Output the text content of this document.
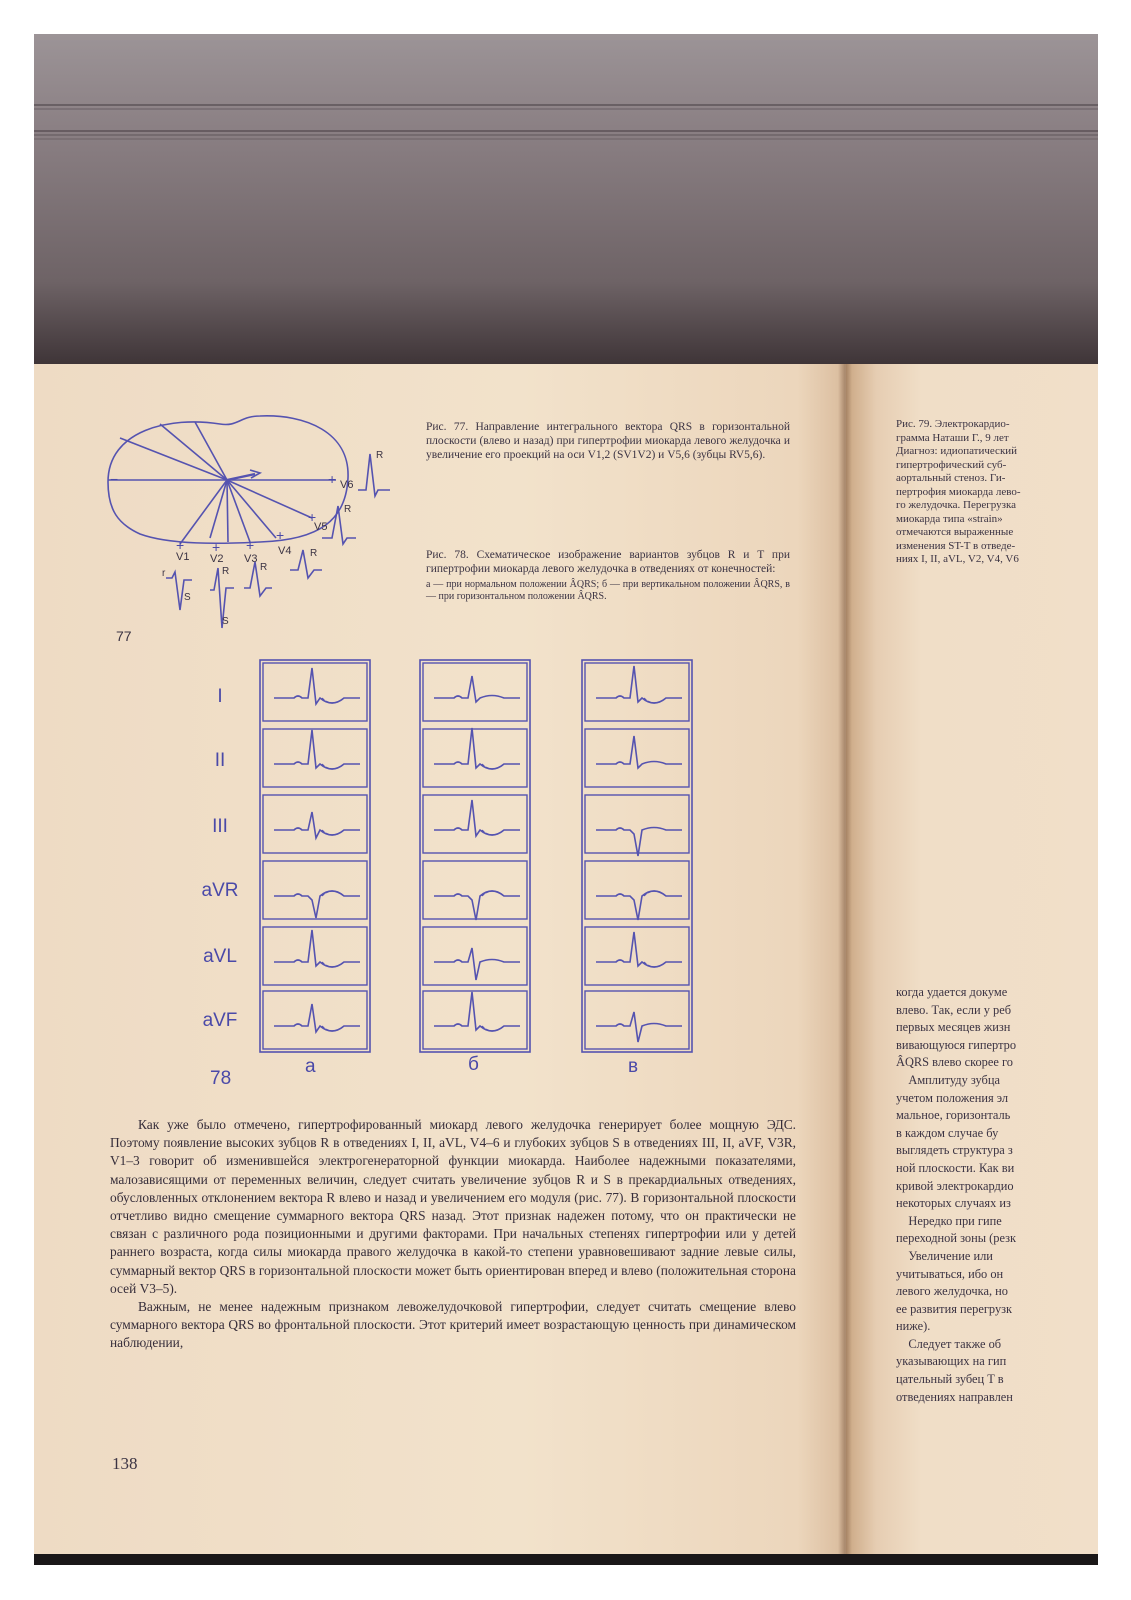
−	+
+ + +
+
+
V6
V5
V4
V3
V2
V1
R
R
R
R
R
S
r
S
77

Рис. 77. Направление интегрального вектора QRS в горизонтальной плоскости (влево и назад) при гипертрофии миокарда левого желудочка и увеличение его проекций на оси V1,2 (SV1V2) и V5,6 (зубцы RV5,6).

Рис. 78. Схематическое изображение вариантов зубцов R и T при гипертрофии миокарда левого желудочка в отведениях от конечностей:

а — при нормальном положении ÂQRS; б — при вертикальном положении ÂQRS, в — при горизонтальном положении ÂQRS.

I
II
III
aVR
aVL
aVF
а	б	в
78

Как уже было отмечено, гипертрофированный миокард левого желудочка генерирует более мощную ЭДС. Поэтому появление высоких зубцов R в отведениях I, II, aVL, V4–6 и глубоких зубцов S в отведениях III, II, aVF, V3R, V1–3 говорит об изменившейся электрогенераторной функции миокарда. Наиболее надежными показателями, малозависящими от переменных величин, следует считать увеличение зубцов R и S в прекардиальных отведениях, обусловленных отклонением вектора R влево и назад и увеличением его модуля (рис. 77). В горизонтальной плоскости отчетливо видно смещение суммарного вектора QRS назад. Этот признак надежен потому, что он практически не связан с различного рода позиционными и другими факторами. При начальных степенях гипертрофии или у детей раннего возраста, когда силы миокарда правого желудочка в какой-то степени уравновешивают задние левые силы, суммарный вектор QRS в горизонтальной плоскости может быть ориентирован вперед и влево (положительная сторона осей V3–5).

Важным, не менее надежным признаком левожелудочковой гипертрофии, следует считать смещение влево суммарного вектора QRS во фронтальной плоскости. Этот критерий имеет возрастающую ценность при динамическом наблюдении,

138

Рис. 79. Электрокардио-

грамма Наташи Г., 9 лет

Диагноз: идиопатический

гипертрофический суб-

аортальный стеноз. Ги-

пертрофия миокарда лево-

го желудочка. Перегрузка

миокарда типа «strain»

отмечаются выраженные

изменения ST-T в отведе-

ниях I, II, aVL, V2, V4, V6

когда удается докуме

влево. Так, если у реб

первых месяцев жизн

вивающуюся гипертро

ÂQRS влево скорее го

Амплитуду зубца

учетом положения эл

мальное, горизонталь

в каждом случае бу

выглядеть структура з

ной плоскости. Как ви

кривой электрокардио

некоторых случаях из

Нередко при гипе

переходной зоны (резк

Увеличение или

учитываться, ибо он

левого желудочка, но

ее развития перегрузк

ниже).

Следует также об

указывающих на гип

цательный зубец T в

отведениях направлен
